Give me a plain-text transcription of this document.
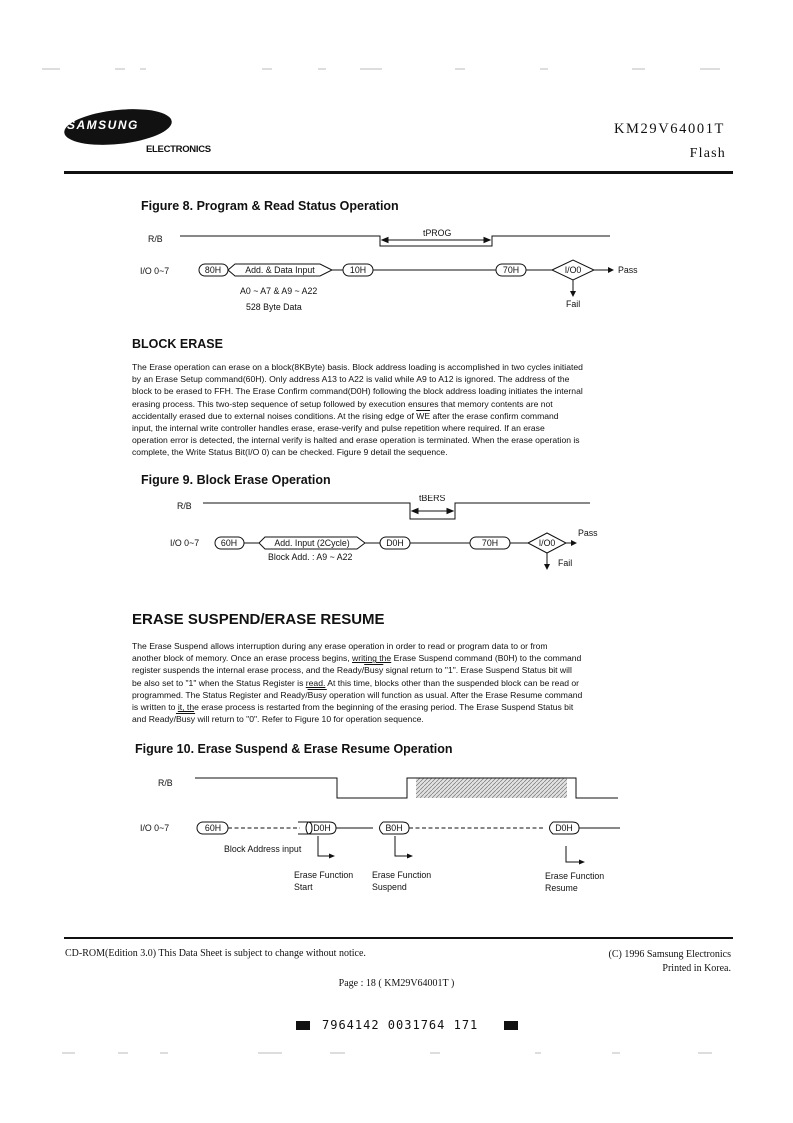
SAMSUNG
ELECTRONICS
KM29V64001T
Flash
Figure 8. Program & Read Status Operation
R/B
I/O 0~7
tPROG
80H	Add. & Data Input	10H	70H	I/O0	Pass
Fail
A0 ~ A7 & A9 ~ A22
528 Byte Data
BLOCK ERASE

The Erase operation can erase on a block(8KByte) basis. Block address loading is accomplished in two cycles initiated

by an Erase Setup command(60H). Only address A13 to A22 is valid while A9 to A12 is ignored. The address of the

block to be erased to FFH. The Erase Confirm command(D0H) following the block address loading initiates the internal

erasing process. This two-step sequence of setup followed by execution ensures that memory contents are not

accidentally erased due to external noises conditions. At the rising edge of $\overline{WE}$ after the erase confirm command

input, the internal write controller handles erase, erase-verify and pulse repetition where required. If an erase

operation error is detected, the internal verify is halted and erase operation is terminated. When the erase operation is

complete, the Write Status Bit(I/O 0) can be checked. Figure 9 detail the sequence.

Figure 9. Block Erase Operation
R/B
I/O 0~7
tBERS
60H	Add. Input (2Cycle)	D0H	70H	I/O0
Pass
Fail
Block Add. : A9 ~ A22
ERASE SUSPEND/ERASE RESUME

The Erase Suspend allows interruption during any erase operation in order to read or program data to or from

another block of memory. Once an erase process begins, writing the Erase Suspend command (B0H) to the command

register suspends the internal erase process, and the Ready/Busy signal return to "1". Erase Suspend Status bit will

be also set to "1" when the Status Register is read. At this time, blocks other than the suspended block can be read or

programmed. The Status Register and Ready/Busy operation will function as usual. After the Erase Resume command

is written to it, the erase process is restarted from the beginning of the erasing period. The Erase Suspend Status bit

and Ready/Busy will return to "0". Refer to Figure 10 for operation sequence.

Figure 10. Erase Suspend & Erase Resume Operation
R/B
I/O 0~7	60H	D0H	B0H	D0H
Block Address input
Erase Function
Start
Erase Function
Suspend
Erase Function
Resume
CD-ROM(Edition 3.0) This Data Sheet is subject to change without notice.	(C) 1996 Samsung Electronics
Printed in Korea.
Page : 18 ( KM29V64001T )
7964142 0031764 171
